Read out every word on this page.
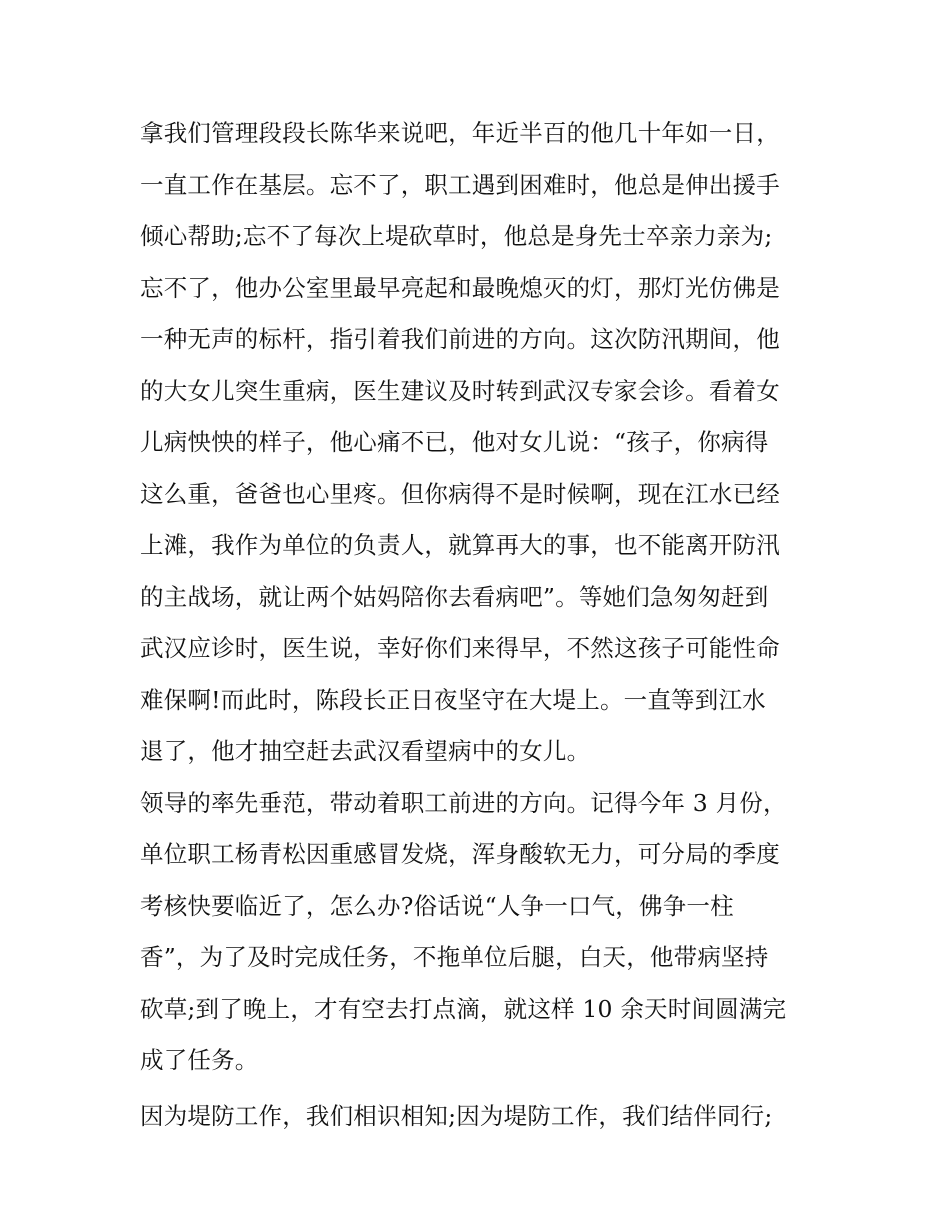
拿我们管理段段长陈华来说吧，年近半百的他几十年如一日，
一直工作在基层。忘不了，职工遇到困难时，他总是伸出援手
倾心帮助;忘不了每次上堤砍草时，他总是身先士卒亲力亲为;
忘不了，他办公室里最早亮起和最晚熄灭的灯，那灯光仿佛是
一种无声的标杆，指引着我们前进的方向。这次防汛期间，他
的大女儿突生重病，医生建议及时转到武汉专家会诊。看着女
儿病怏怏的样子，他心痛不已，他对女儿说：“孩子，你病得
这么重，爸爸也心里疼。但你病得不是时候啊，现在江水已经
上滩，我作为单位的负责人，就算再大的事，也不能离开防汛
的主战场，就让两个姑妈陪你去看病吧”。等她们急匆匆赶到
武汉应诊时，医生说，幸好你们来得早，不然这孩子可能性命
难保啊!而此时，陈段长正日夜坚守在大堤上。一直等到江水
退了，他才抽空赶去武汉看望病中的女儿。

领导的率先垂范，带动着职工前进的方向。记得今年 3 月份，
单位职工杨青松因重感冒发烧，浑身酸软无力，可分局的季度
考核快要临近了，怎么办?俗话说“人争一口气，佛争一柱
香”，为了及时完成任务，不拖单位后腿，白天，他带病坚持
砍草;到了晚上，才有空去打点滴，就这样 10 余天时间圆满完
成了任务。

因为堤防工作，我们相识相知;因为堤防工作，我们结伴同行;
